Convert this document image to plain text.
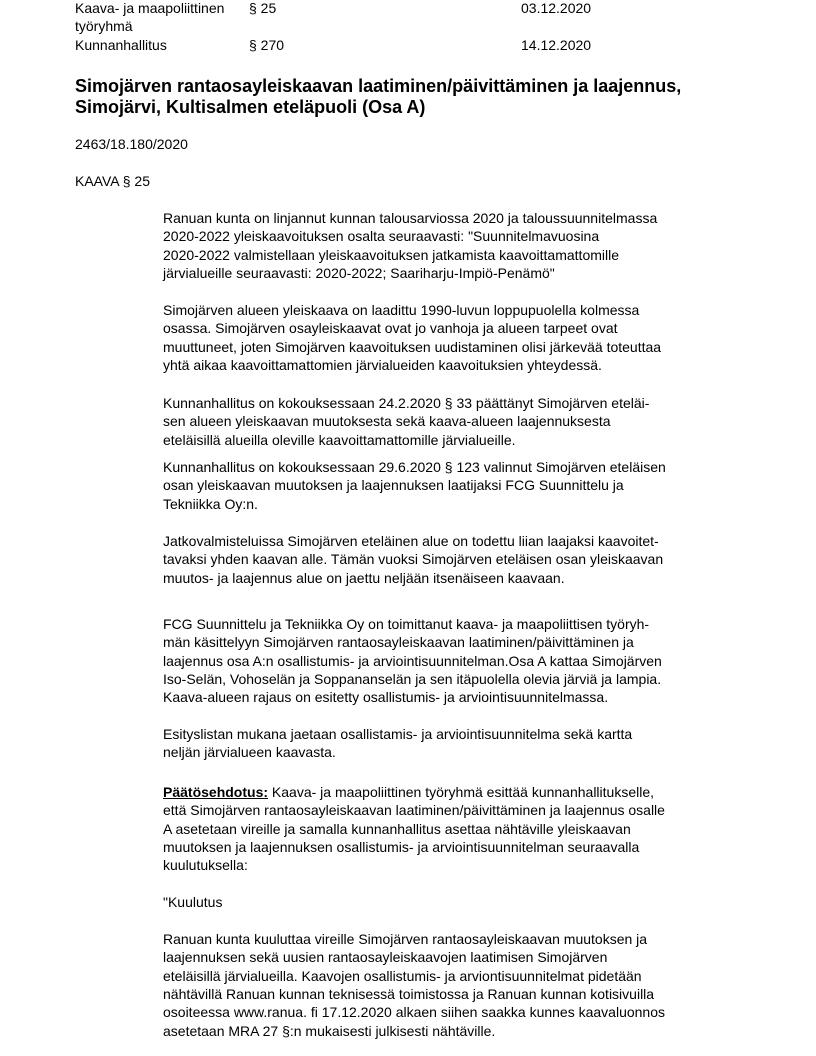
Kaava- ja maapoliittinen
työryhmä
§ 25	03.12.2020
Kunnanhallitus	§ 270	14.12.2020
Simojärven rantaosayleiskaavan laatiminen/päivittäminen ja laajennus,
Simojärvi, Kultisalmen eteläpuoli (Osa A)
2463/18.180/2020
KAAVA § 25
Ranuan kunta on linjannut kunnan talousarviossa 2020 ja taloussuunnitelmassa
2020-2022 yleiskaavoituksen osalta seuraavasti: "Suunnitelmavuosina
2020-2022 valmistellaan yleiskaavoituksen jatkamista kaavoittamattomille
järvialueille seuraavasti: 2020-2022; Saariharju-Impiö-Penämö"
Simojärven alueen yleiskaava on laadittu 1990-luvun loppupuolella kolmessa
osassa. Simojärven osayleiskaavat ovat jo vanhoja ja alueen tarpeet ovat
muuttuneet, joten Simojärven kaavoituksen uudistaminen olisi järkevää toteuttaa
yhtä aikaa kaavoittamattomien järvialueiden kaavoituksien yhteydessä.
Kunnanhallitus on kokouksessaan 24.2.2020 § 33 päättänyt Simojärven eteläi-
sen alueen yleiskaavan muutoksesta sekä kaava-alueen laajennuksesta
eteläisillä alueilla oleville kaavoittamattomille järvialueille.
Kunnanhallitus on kokouksessaan 29.6.2020 § 123 valinnut Simojärven eteläisen
osan yleiskaavan muutoksen ja laajennuksen laatijaksi FCG Suunnittelu ja
Tekniikka Oy:n.
Jatkovalmisteluissa Simojärven eteläinen alue on todettu liian laajaksi kaavoitet-
tavaksi yhden kaavan alle. Tämän vuoksi Simojärven eteläisen osan yleiskaavan
muutos- ja laajennus alue on jaettu neljään itsenäiseen kaavaan.
FCG Suunnittelu ja Tekniikka Oy on toimittanut kaava- ja maapoliittisen työryh-
män käsittelyyn Simojärven rantaosayleiskaavan laatiminen/päivittäminen ja
laajennus osa A:n osallistumis- ja arviointisuunnitelman.Osa A kattaa Simojärven
Iso-Selän, Vohoselän ja Soppananselän ja sen itäpuolella olevia järviä ja lampia.
Kaava-alueen rajaus on esitetty osallistumis- ja arviointisuunnitelmassa.
Esityslistan mukana jaetaan osallistamis- ja arviointisuunnitelma sekä kartta
neljän järvialueen kaavasta.
Päätösehdotus: Kaava- ja maapoliittinen työryhmä esittää kunnanhallitukselle,
että Simojärven rantaosayleiskaavan laatiminen/päivittäminen ja laajennus osalle
A asetetaan vireille ja samalla kunnanhallitus asettaa nähtäville yleiskaavan
muutoksen ja laajennuksen osallistumis- ja arviointisuunnitelman seuraavalla
kuulutuksella:
"Kuulutus
Ranuan kunta kuuluttaa vireille Simojärven rantaosayleiskaavan muutoksen ja
laajennuksen sekä uusien rantaosayleiskaavojen laatimisen Simojärven
eteläisillä järvialueilla. Kaavojen osallistumis- ja arviontisuunnitelmat pidetään
nähtävillä Ranuan kunnan teknisessä toimistossa ja Ranuan kunnan kotisivuilla
osoiteessa www.ranua. fi 17.12.2020 alkaen siihen saakka kunnes kaavaluonnos
asetetaan MRA 27 §:n mukaisesti julkisesti nähtäville.
